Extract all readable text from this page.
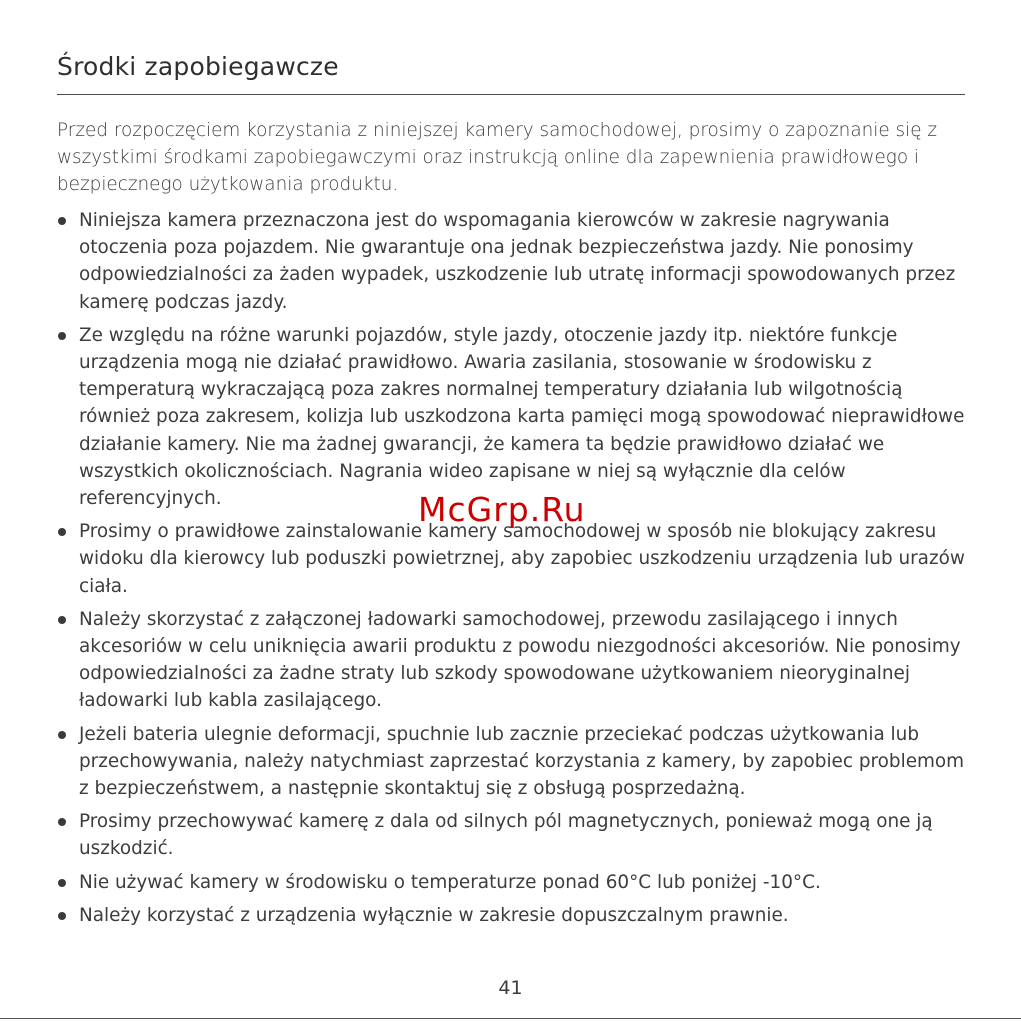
Środki zapobiegawcze

Przed rozpoczęciem korzystania z niniejszej kamery samochodowej, prosimy o zapoznanie się z wszystkimi środkami zapobiegawczymi oraz instrukcją online dla zapewnienia prawidłowego i bezpiecznego użytkowania produktu.

Niniejsza kamera przeznaczona jest do wspomagania kierowców w zakresie nagrywania otoczenia poza pojazdem. Nie gwarantuje ona jednak bezpieczeństwa jazdy. Nie ponosimy odpowiedzialności za żaden wypadek, uszkodzenie lub utratę informacji spowodowanych przez kamerę podczas jazdy.
Ze względu na różne warunki pojazdów, style jazdy, otoczenie jazdy itp. niektóre funkcje urządzenia mogą nie działać prawidłowo. Awaria zasilania, stosowanie w środowisku z temperaturą wykraczającą poza zakres normalnej temperatury działania lub wilgotnością również poza zakresem, kolizja lub uszkodzona karta pamięci mogą spowodować nieprawidłowe działanie kamery. Nie ma żadnej gwarancji, że kamera ta będzie prawidłowo działać we wszystkich okolicznościach. Nagrania wideo zapisane w niej są wyłącznie dla celów referencyjnych.
Prosimy o prawidłowe zainstalowanie kamery samochodowej w sposób nie blokujący zakresu widoku dla kierowcy lub poduszki powietrznej, aby zapobiec uszkodzeniu urządzenia lub urazów ciała.
Należy skorzystać z załączonej ładowarki samochodowej, przewodu zasilającego i innych akcesoriów w celu uniknięcia awarii produktu z powodu niezgodności akcesoriów. Nie ponosimy odpowiedzialności za żadne straty lub szkody spowodowane użytkowaniem nieoryginalnej ładowarki lub kabla zasilającego.
Jeżeli bateria ulegnie deformacji, spuchnie lub zacznie przeciekać podczas użytkowania lub przechowywania, należy natychmiast zaprzestać korzystania z kamery, by zapobiec problemom z bezpieczeństwem, a następnie skontaktuj się z obsługą posprzedażną.
Prosimy przechowywać kamerę z dala od silnych pól magnetycznych, ponieważ mogą one ją uszkodzić.
Nie używać kamery w środowisku o temperaturze ponad 60°C lub poniżej -10°C.
Należy korzystać z urządzenia wyłącznie w zakresie dopuszczalnym prawnie.
McGrp.Ru
41
